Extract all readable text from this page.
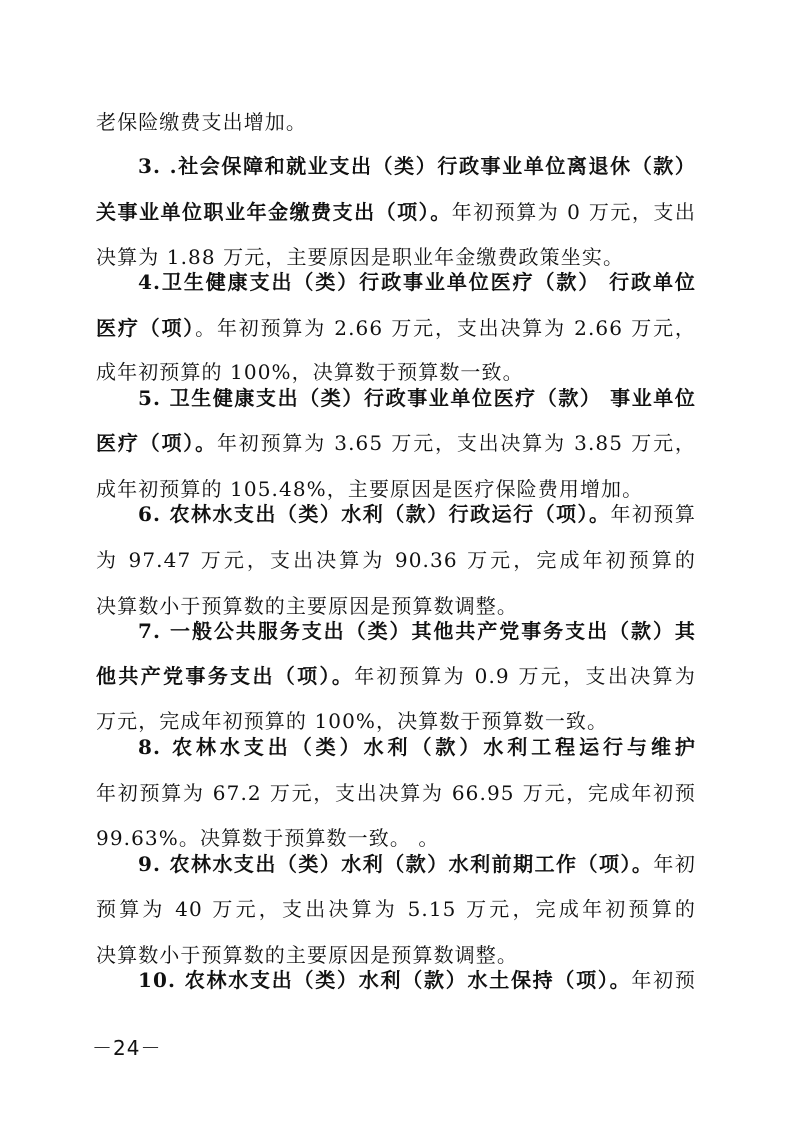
老保险缴费支出增加。
3. .社会保障和就业支出（类）行政事业单位离退休（款）
关事业单位职业年金缴费支出（项）。年初预算为 0 万元，支出
决算为 1.88 万元，主要原因是职业年金缴费政策坐实。
4.卫生健康支出（类）行政事业单位医疗（款） 行政单位
医疗（项）。年初预算为 2.66 万元，支出决算为 2.66 万元，
成年初预算的 100%，决算数于预算数一致。
5. 卫生健康支出（类）行政事业单位医疗（款） 事业单位
医疗（项）。年初预算为 3.65 万元，支出决算为 3.85 万元，
成年初预算的 105.48%，主要原因是医疗保险费用增加。
6. 农林水支出（类）水利（款）行政运行（项）。年初预算
为 97.47 万元，支出决算为 90.36 万元，完成年初预算的
决算数小于预算数的主要原因是预算数调整。
7. 一般公共服务支出（类）其他共产党事务支出（款）其
他共产党事务支出（项）。年初预算为 0.9 万元，支出决算为
万元，完成年初预算的 100%，决算数于预算数一致。
8. 农林水支出（类）水利（款）水利工程运行与维护
年初预算为 67.2 万元，支出决算为 66.95 万元，完成年初预
99.63%。决算数于预算数一致。 。
9. 农林水支出（类）水利（款）水利前期工作（项）。年初
预算为 40 万元，支出决算为 5.15 万元，完成年初预算的
决算数小于预算数的主要原因是预算数调整。
10. 农林水支出（类）水利（款）水土保持（项）。年初预
－24－
